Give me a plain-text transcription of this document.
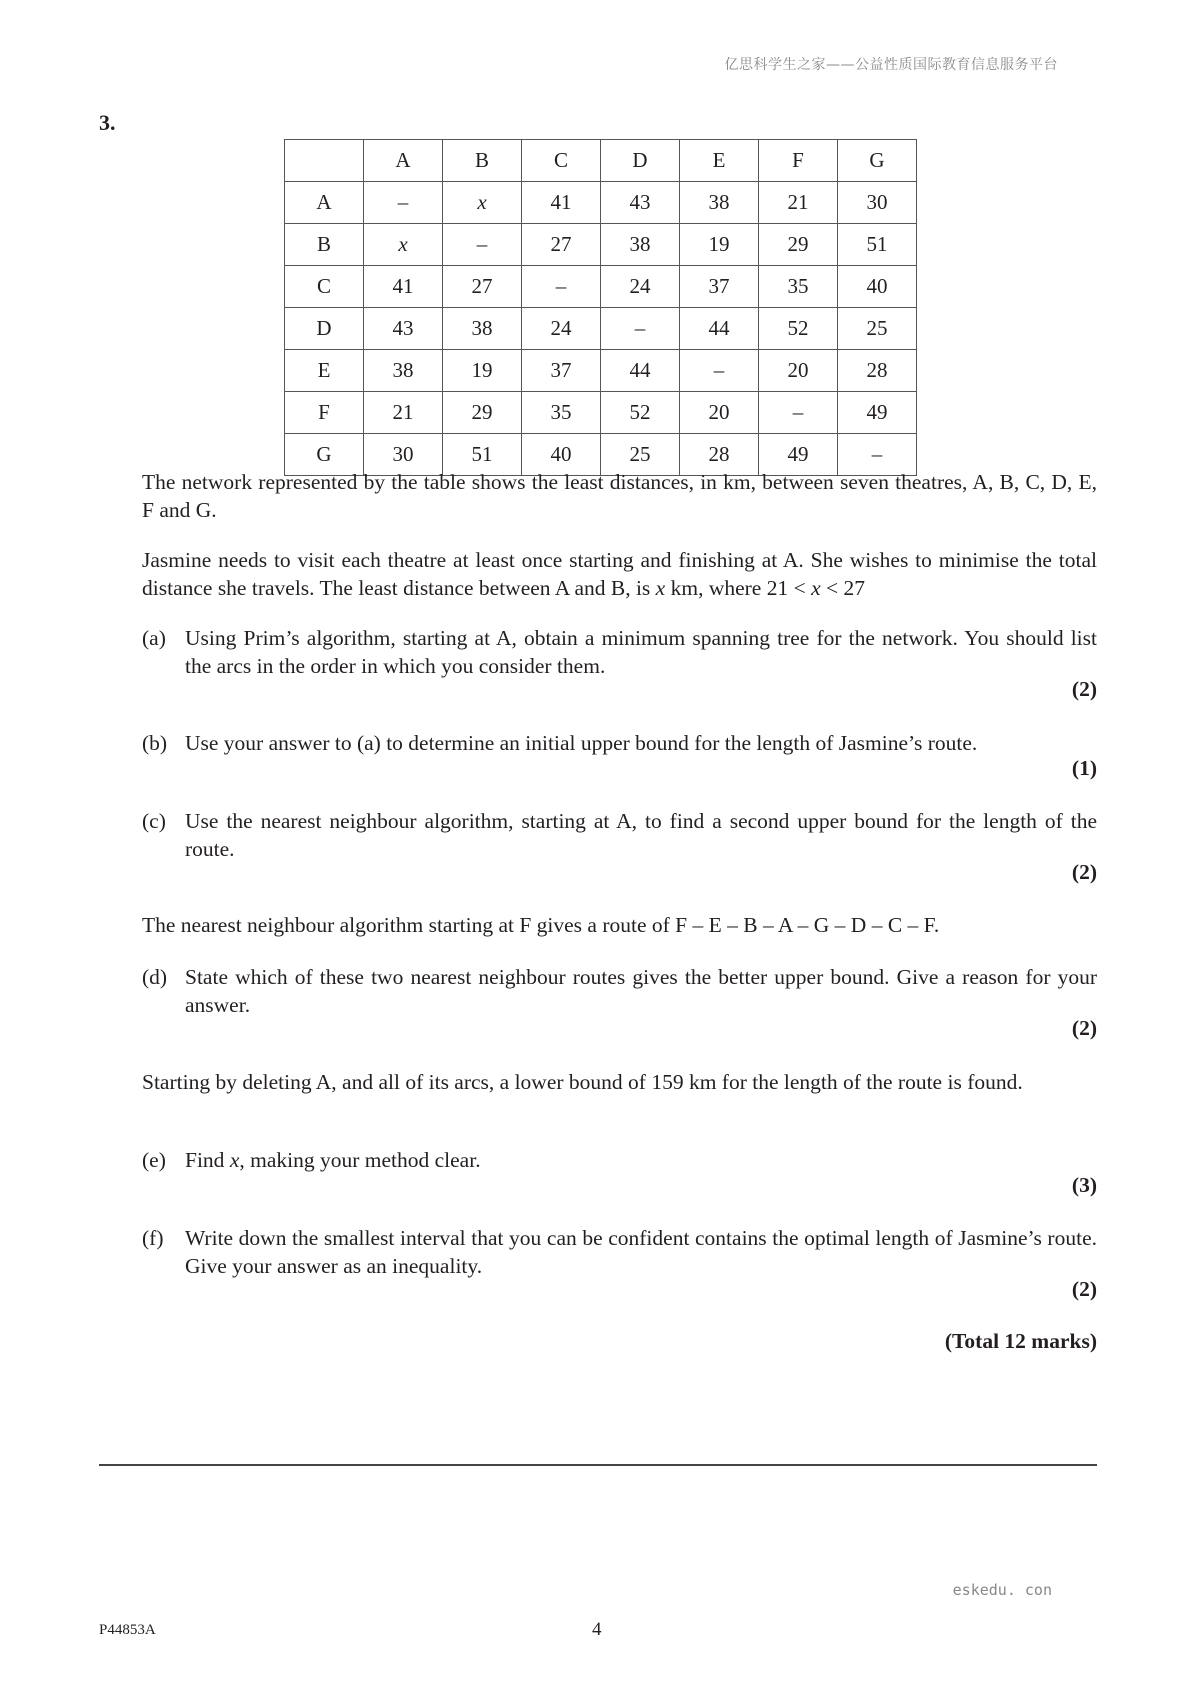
亿思科学生之家——公益性质国际教育信息服务平台
3.
	A	B	C	D	E	F	G
A	–	x	41	43	38	21	30
B	x	–	27	38	19	29	51
C	41	27	–	24	37	35	40
D	43	38	24	–	44	52	25
E	38	19	37	44	–	20	28
F	21	29	35	52	20	–	49
G	30	51	40	25	28	49	–
The network represented by the table shows the least distances, in km, between seven theatres, A, B, C, D, E, F and G.
Jasmine needs to visit each theatre at least once starting and finishing at A. She wishes to minimise the total distance she travels. The least distance between A and B, is x km, where 21 < x < 27
(a) Using Prim’s algorithm, starting at A, obtain a minimum spanning tree for the network. You should list the arcs in the order in which you consider them.
(2)
(b) Use your answer to (a) to determine an initial upper bound for the length of Jasmine’s route.
(1)
(c) Use the nearest neighbour algorithm, starting at A, to find a second upper bound for the length of the route.
(2)
The nearest neighbour algorithm starting at F gives a route of F – E – B – A – G – D – C – F.
(d) State which of these two nearest neighbour routes gives the better upper bound. Give a reason for your answer.
(2)
Starting by deleting A, and all of its arcs, a lower bound of 159 km for the length of the route is found.
(e) Find x, making your method clear.
(3)
(f) Write down the smallest interval that you can be confident contains the optimal length of Jasmine’s route. Give your answer as an inequality.
(2)
(Total 12 marks)
eskedu. con
P44853A	4
